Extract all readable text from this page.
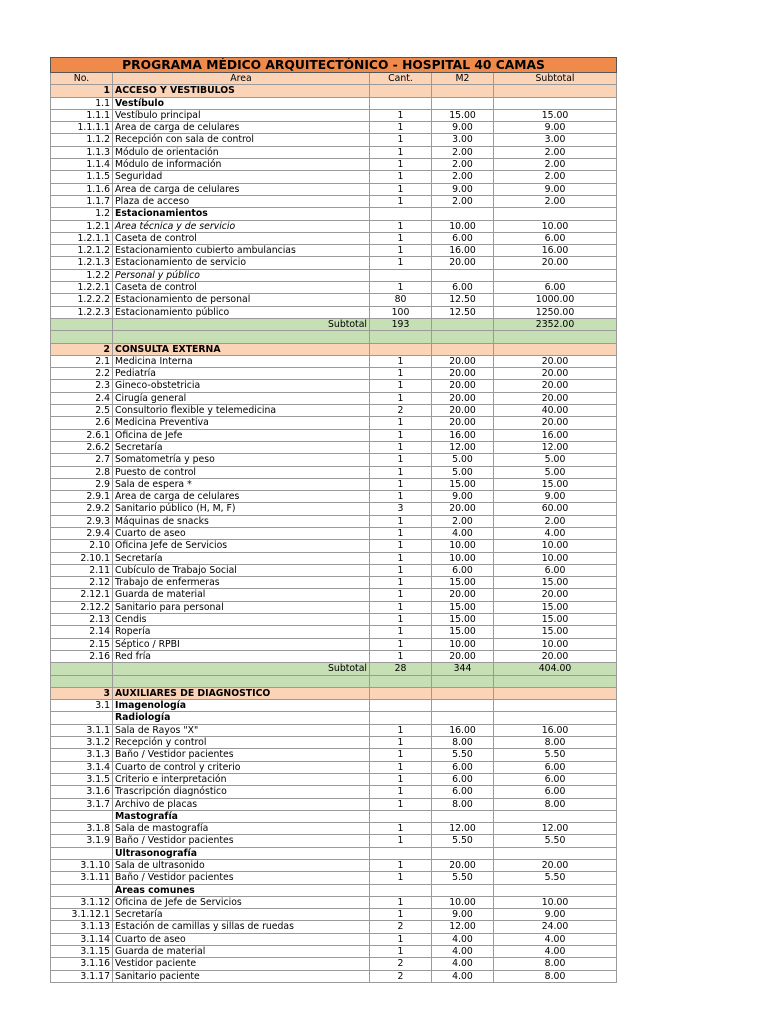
PROGRAMA MÉDICO ARQUITECTÓNICO - HOSPITAL 40 CAMAS				
No.	Área	Cant.	M2	Subtotal
1	ACCESO Y VESTIBULOS			
1.1	Vestíbulo			
1.1.1	Vestíbulo principal	1	15.00	15.00
1.1.1.1	Área de carga de celulares	1	9.00	9.00
1.1.2	Recepción con sala de control	1	3.00	3.00
1.1.3	Módulo de orientación	1	2.00	2.00
1.1.4	Módulo de información	1	2.00	2.00
1.1.5	Seguridad	1	2.00	2.00
1.1.6	Área de carga de celulares	1	9.00	9.00
1.1.7	Plaza de acceso	1	2.00	2.00
1.2	Estacionamientos			
1.2.1	Área técnica y de servicio	1	10.00	10.00
1.2.1.1	Caseta de control	1	6.00	6.00
1.2.1.2	Estacionamiento cubierto ambulancias	1	16.00	16.00
1.2.1.3	Estacionamiento de servicio	1	20.00	20.00
1.2.2	Personal y público			
1.2.2.1	Caseta de control	1	6.00	6.00
1.2.2.2	Estacionamiento de personal	80	12.50	1000.00
1.2.2.3	Estacionamiento público	100	12.50	1250.00
	Subtotal	193		2352.00

2	CONSULTA EXTERNA			
2.1	Medicina Interna	1	20.00	20.00
2.2	Pediatría	1	20.00	20.00
2.3	Gineco-obstetricia	1	20.00	20.00
2.4	Cirugía general	1	20.00	20.00
2.5	Consultorio flexible y telemedicina	2	20.00	40.00
2.6	Medicina Preventiva	1	20.00	20.00
2.6.1	Oficina de Jefe	1	16.00	16.00
2.6.2	Secretaría	1	12.00	12.00
2.7	Somatometría y peso	1	5.00	5.00
2.8	Puesto de control	1	5.00	5.00
2.9	Sala de espera *	1	15.00	15.00
2.9.1	Área de carga de celulares	1	9.00	9.00
2.9.2	Sanitario público (H, M, F)	3	20.00	60.00
2.9.3	Máquinas de snacks	1	2.00	2.00
2.9.4	Cuarto de aseo	1	4.00	4.00
2.10	Oficina Jefe de Servicios	1	10.00	10.00
2.10.1	Secretaría	1	10.00	10.00
2.11	Cubículo de Trabajo Social	1	6.00	6.00
2.12	Trabajo de enfermeras	1	15.00	15.00
2.12.1	Guarda de material	1	20.00	20.00
2.12.2	Sanitario para personal	1	15.00	15.00
2.13	Cendis	1	15.00	15.00
2.14	Ropería	1	15.00	15.00
2.15	Séptico / RPBI	1	10.00	10.00
2.16	Red fría	1	20.00	20.00
	Subtotal	28	344	404.00

3	AUXILIARES DE DIAGNÓSTICO			
3.1	Imagenología			
	Radiología			
3.1.1	Sala de Rayos "X"	1	16.00	16.00
3.1.2	Recepción y control	1	8.00	8.00
3.1.3	Baño / Vestidor pacientes	1	5.50	5.50
3.1.4	Cuarto de control y criterio	1	6.00	6.00
3.1.5	Criterio e interpretación	1	6.00	6.00
3.1.6	Trascripción diagnóstico	1	6.00	6.00
3.1.7	Archivo de placas	1	8.00	8.00
	Mastografía			
3.1.8	Sala de mastografía	1	12.00	12.00
3.1.9	Baño / Vestidor pacientes	1	5.50	5.50
	Ultrasonografía			
3.1.10	Sala de ultrasonido	1	20.00	20.00
3.1.11	Baño / Vestidor pacientes	1	5.50	5.50
	Áreas comunes			
3.1.12	Oficina de Jefe de Servicios	1	10.00	10.00
3.1.12.1	Secretaría	1	9.00	9.00
3.1.13	Estación de camillas y sillas de ruedas	2	12.00	24.00
3.1.14	Cuarto de aseo	1	4.00	4.00
3.1.15	Guarda de material	1	4.00	4.00
3.1.16	Vestidor paciente	2	4.00	8.00
3.1.17	Sanitario paciente	2	4.00	8.00
